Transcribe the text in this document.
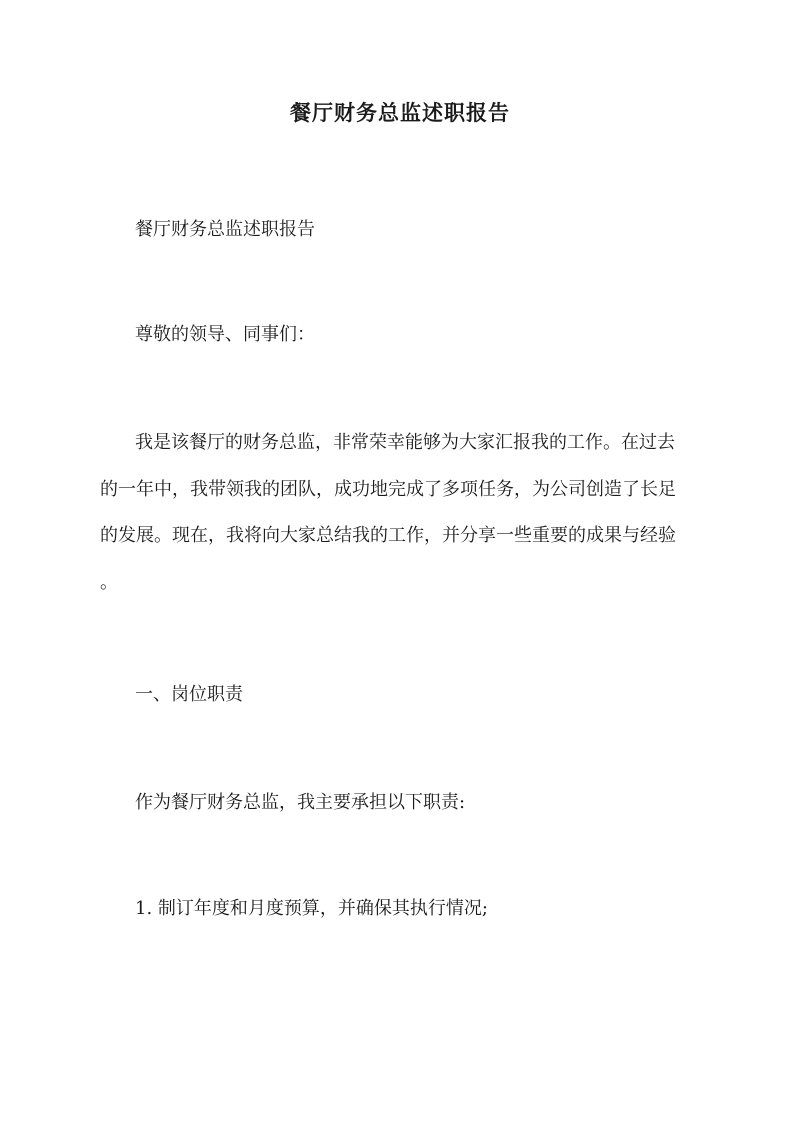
餐厅财务总监述职报告

餐厅财务总监述职报告

尊敬的领导、同事们：

我是该餐厅的财务总监，非常荣幸能够为大家汇报我的工作。在过去
的一年中，我带领我的团队，成功地完成了多项任务，为公司创造了长足
的发展。现在，我将向大家总结我的工作，并分享一些重要的成果与经验
。

一、岗位职责

作为餐厅财务总监，我主要承担以下职责:

1. 制订年度和月度预算，并确保其执行情况;
